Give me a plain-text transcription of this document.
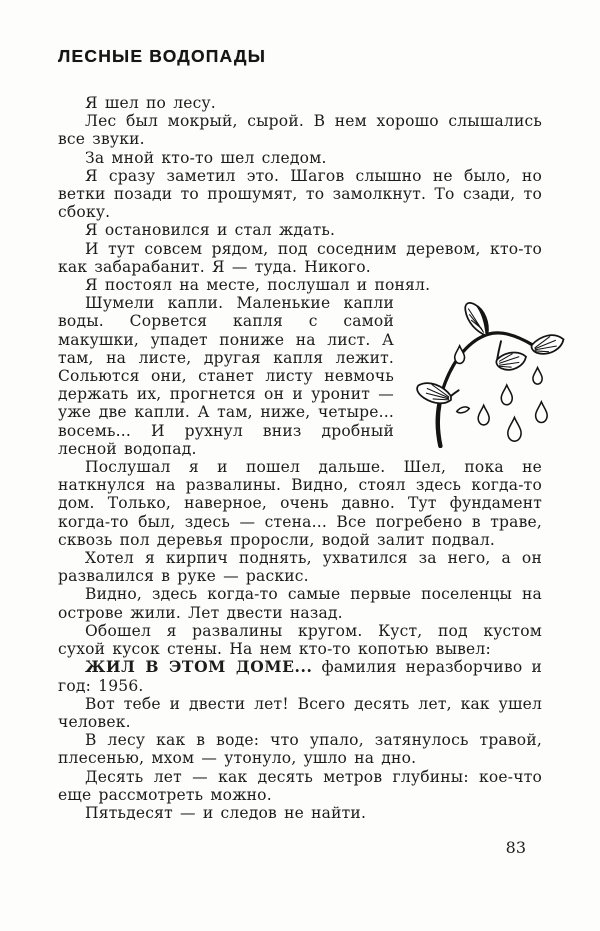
ЛЕСНЫЕ ВОДОПАДЫ

Я шел по лесу.

Лес был мокрый, сырой. В нем хорошо слышались все звуки.

За мной кто-то шел следом.

Я сразу заметил это. Шагов слышно не было, но ветки позади то прошумят, то замолкнут. То сзади, то сбоку.

Я остановился и стал ждать.

И тут совсем рядом, под соседним деревом, кто-то как забарабанит. Я — туда. Никого.

Я постоял на месте, послушал и понял.

Шумели капли. Маленькие капли воды. Сорвется капля с самой макушки, упадет пониже на лист. А там, на листе, другая капля лежит. Сольются они, станет листу невмочь держать их, прогнется он и уронит — уже две капли. А там, ниже, четыре... восемь... И рухнул вниз дробный лесной водопад.

Послушал я и пошел дальше. Шел, пока не наткнулся на развалины. Видно, стоял здесь когда-то дом. Только, наверное, очень давно. Тут фундамент когда-то был, здесь — стена... Все погребено в траве, сквозь пол деревья проросли, водой залит подвал.

Хотел я кирпич поднять, ухватился за него, а он развалился в руке — раскис.

Видно, здесь когда-то самые первые поселенцы на острове жили. Лет двести назад.

Обошел я развалины кругом. Куст, под кустом сухой кусок стены. На нем кто-то копотью вывел:

ЖИЛ В ЭТОМ ДОМЕ... фамилия неразборчиво и год: 1956.

Вот тебе и двести лет! Всего десять лет, как ушел человек.

В лесу как в воде: что упало, затянулось травой, плесенью, мхом — утонуло, ушло на дно.

Десять лет — как десять метров глубины: кое-что еще рассмотреть можно.

Пятьдесят — и следов не найти.

83
